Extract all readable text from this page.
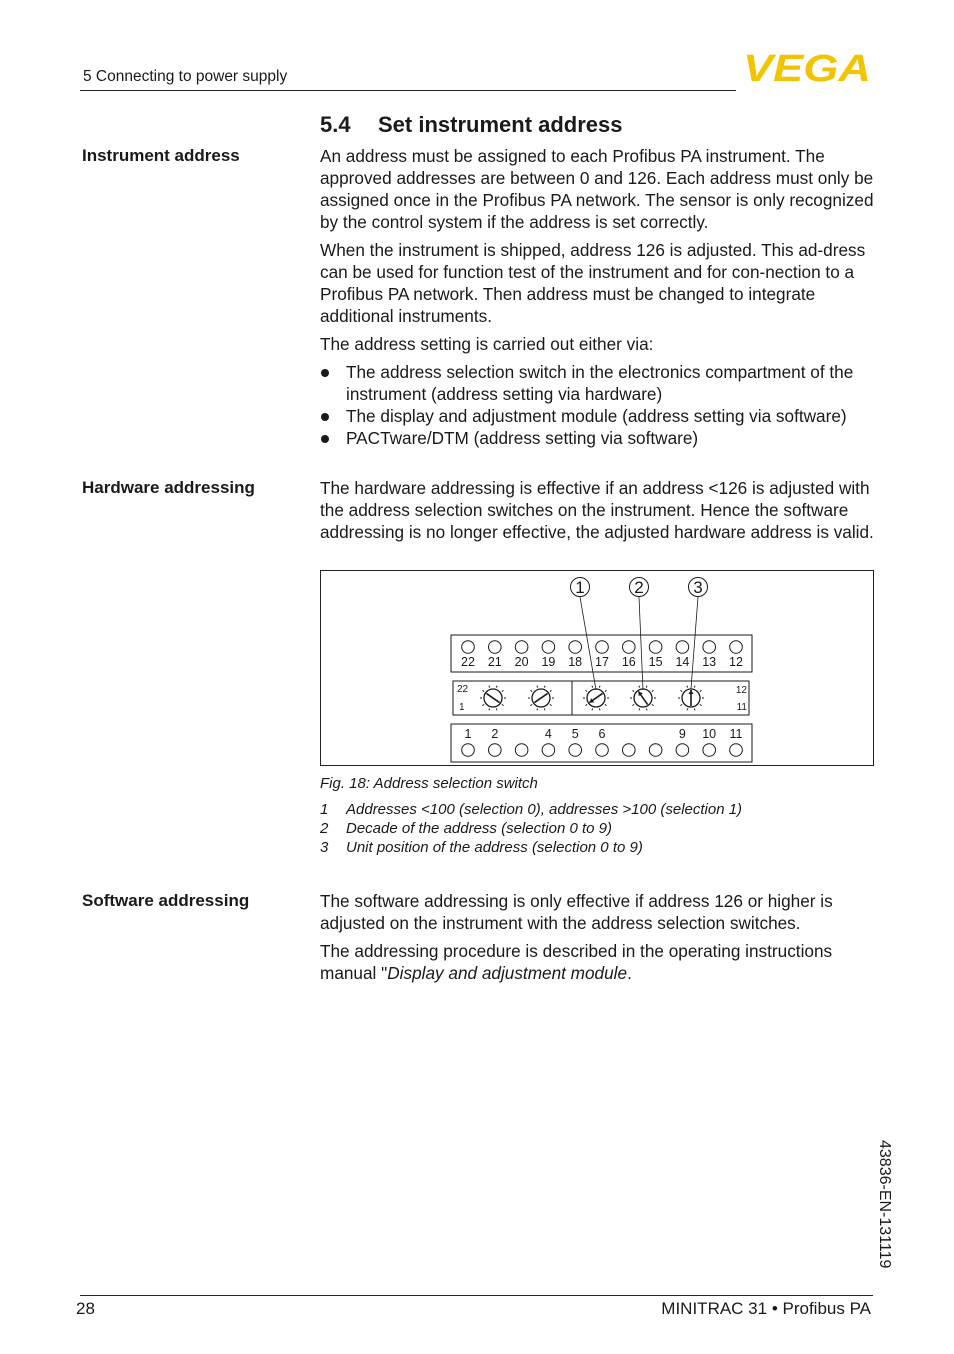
5 Connecting to power supply	VEGA
5.4 Set instrument address
Instrument address	An address must be assigned to each Profibus PA instrument. The approved addresses are between 0 and 126. Each address must only be assigned once in the Profibus PA network. The sensor is only recognized by the control system if the address is set correctly.
When the instrument is shipped, address 126 is adjusted. This ad-dress can be used for function test of the instrument and for con-nection to a Profibus PA network. Then address must be changed to integrate additional instruments.
The address setting is carried out either via:
The address selection switch in the electronics compartment of the instrument (address setting via hardware)
The display and adjustment module (address setting via software)
PACTware/DTM (address setting via software)
Hardware addressing	The hardware addressing is effective if an address <126 is adjusted with the address selection switches on the instrument. Hence the software addressing is no longer effective, the adjusted hardware address is valid.
22 21 20 19 18 17 16 15 14 13 12
1 2	4 5 6	9 10 11
22
1
12
11
1	2	3
Fig. 18: Address selection switch
1 Addresses <100 (selection 0), addresses >100 (selection 1)
2 Decade of the address (selection 0 to 9)
3 Unit position of the address (selection 0 to 9)
Software addressing	The software addressing is only effective if address 126 or higher is adjusted on the instrument with the address selection switches.
The addressing procedure is described in the operating instructions manual "Display and adjustment module.
28	MINITRAC 31 • Profibus PA
43836-EN-131119
